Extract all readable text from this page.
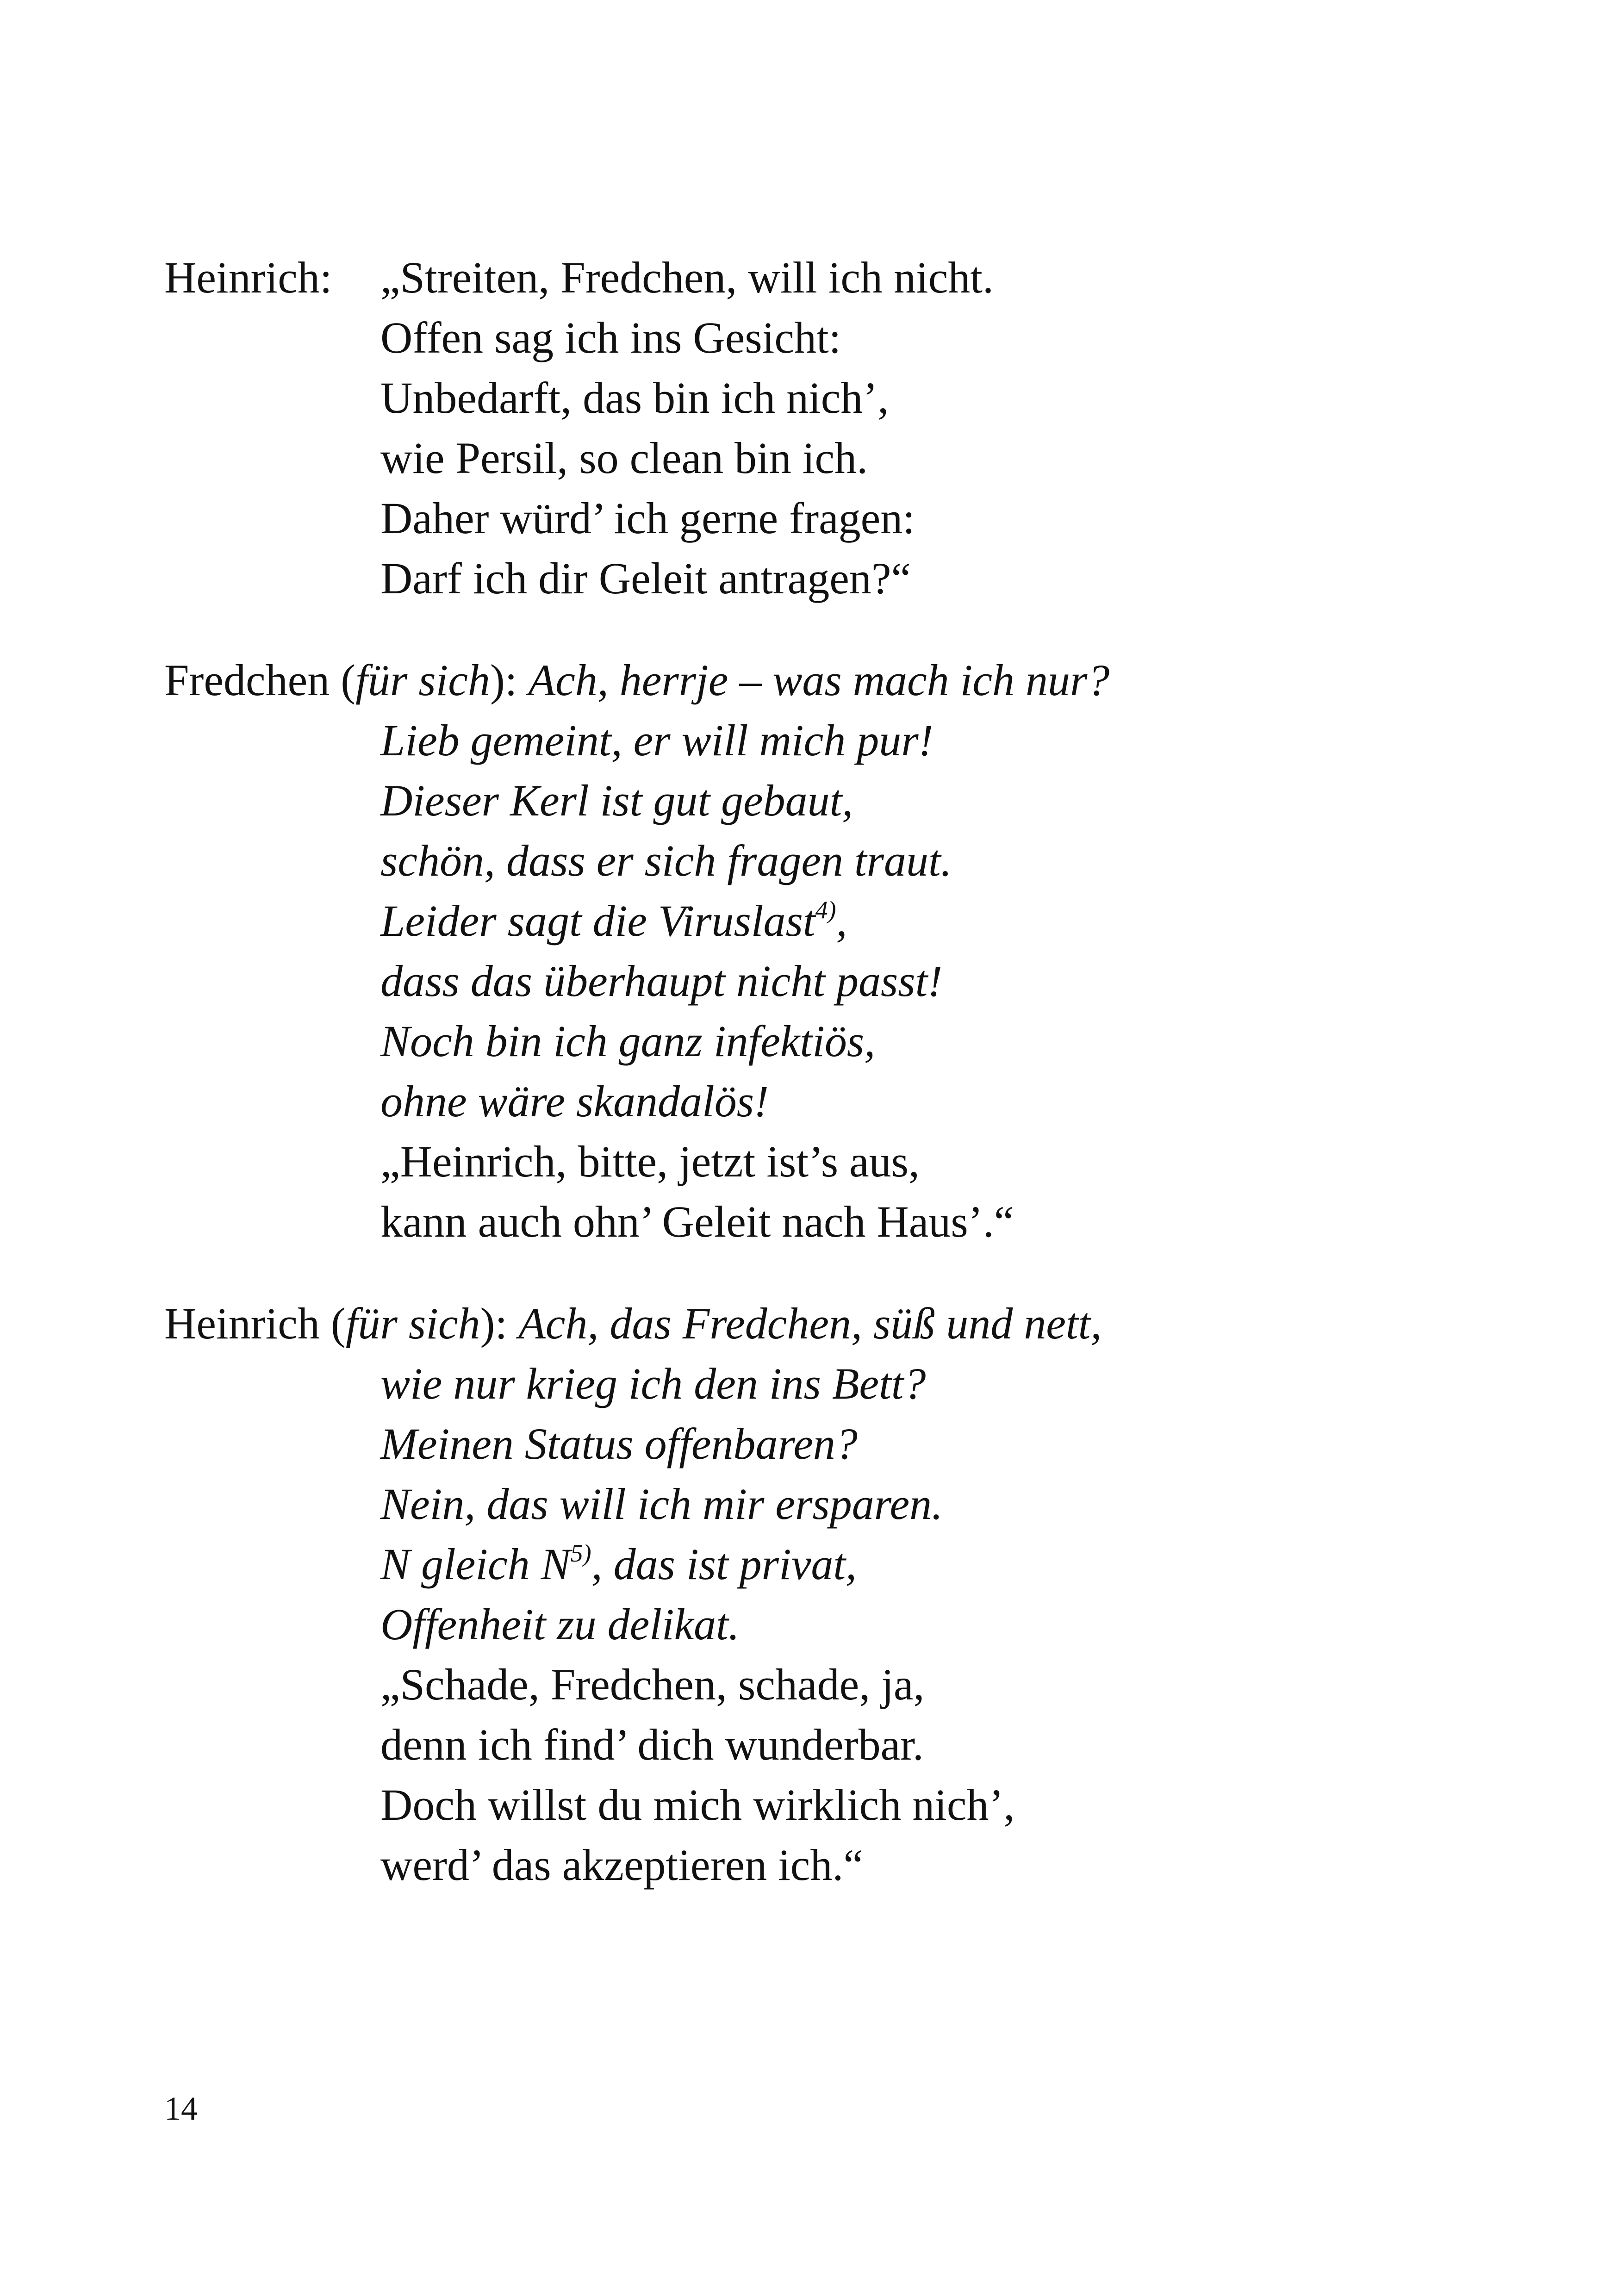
Heinrich: „Streiten, Fredchen, will ich nicht.

Offen sag ich ins Gesicht:

Unbedarft, das bin ich nich’,

wie Persil, so clean bin ich.

Daher würd’ ich gerne fragen:

Darf ich dir Geleit antragen?“

Fredchen (für sich): Ach, herrje – was mach ich nur?

Lieb gemeint, er will mich pur!

Dieser Kerl ist gut gebaut,

schön, dass er sich fragen traut.

Leider sagt die Viruslast$^{4)}$,

dass das überhaupt nicht passt!

Noch bin ich ganz infektiös,

ohne wäre skandalös!

„Heinrich, bitte, jetzt ist’s aus,

kann auch ohn’ Geleit nach Haus’.“

Heinrich (für sich): Ach, das Fredchen, süß und nett,

wie nur krieg ich den ins Bett?

Meinen Status offenbaren?

Nein, das will ich mir ersparen.

N gleich $N^{5)}$, das ist privat,

Offenheit zu delikat.

„Schade, Fredchen, schade, ja,

denn ich find’ dich wunderbar.

Doch willst du mich wirklich nich’,

werd’ das akzeptieren ich.“

14
